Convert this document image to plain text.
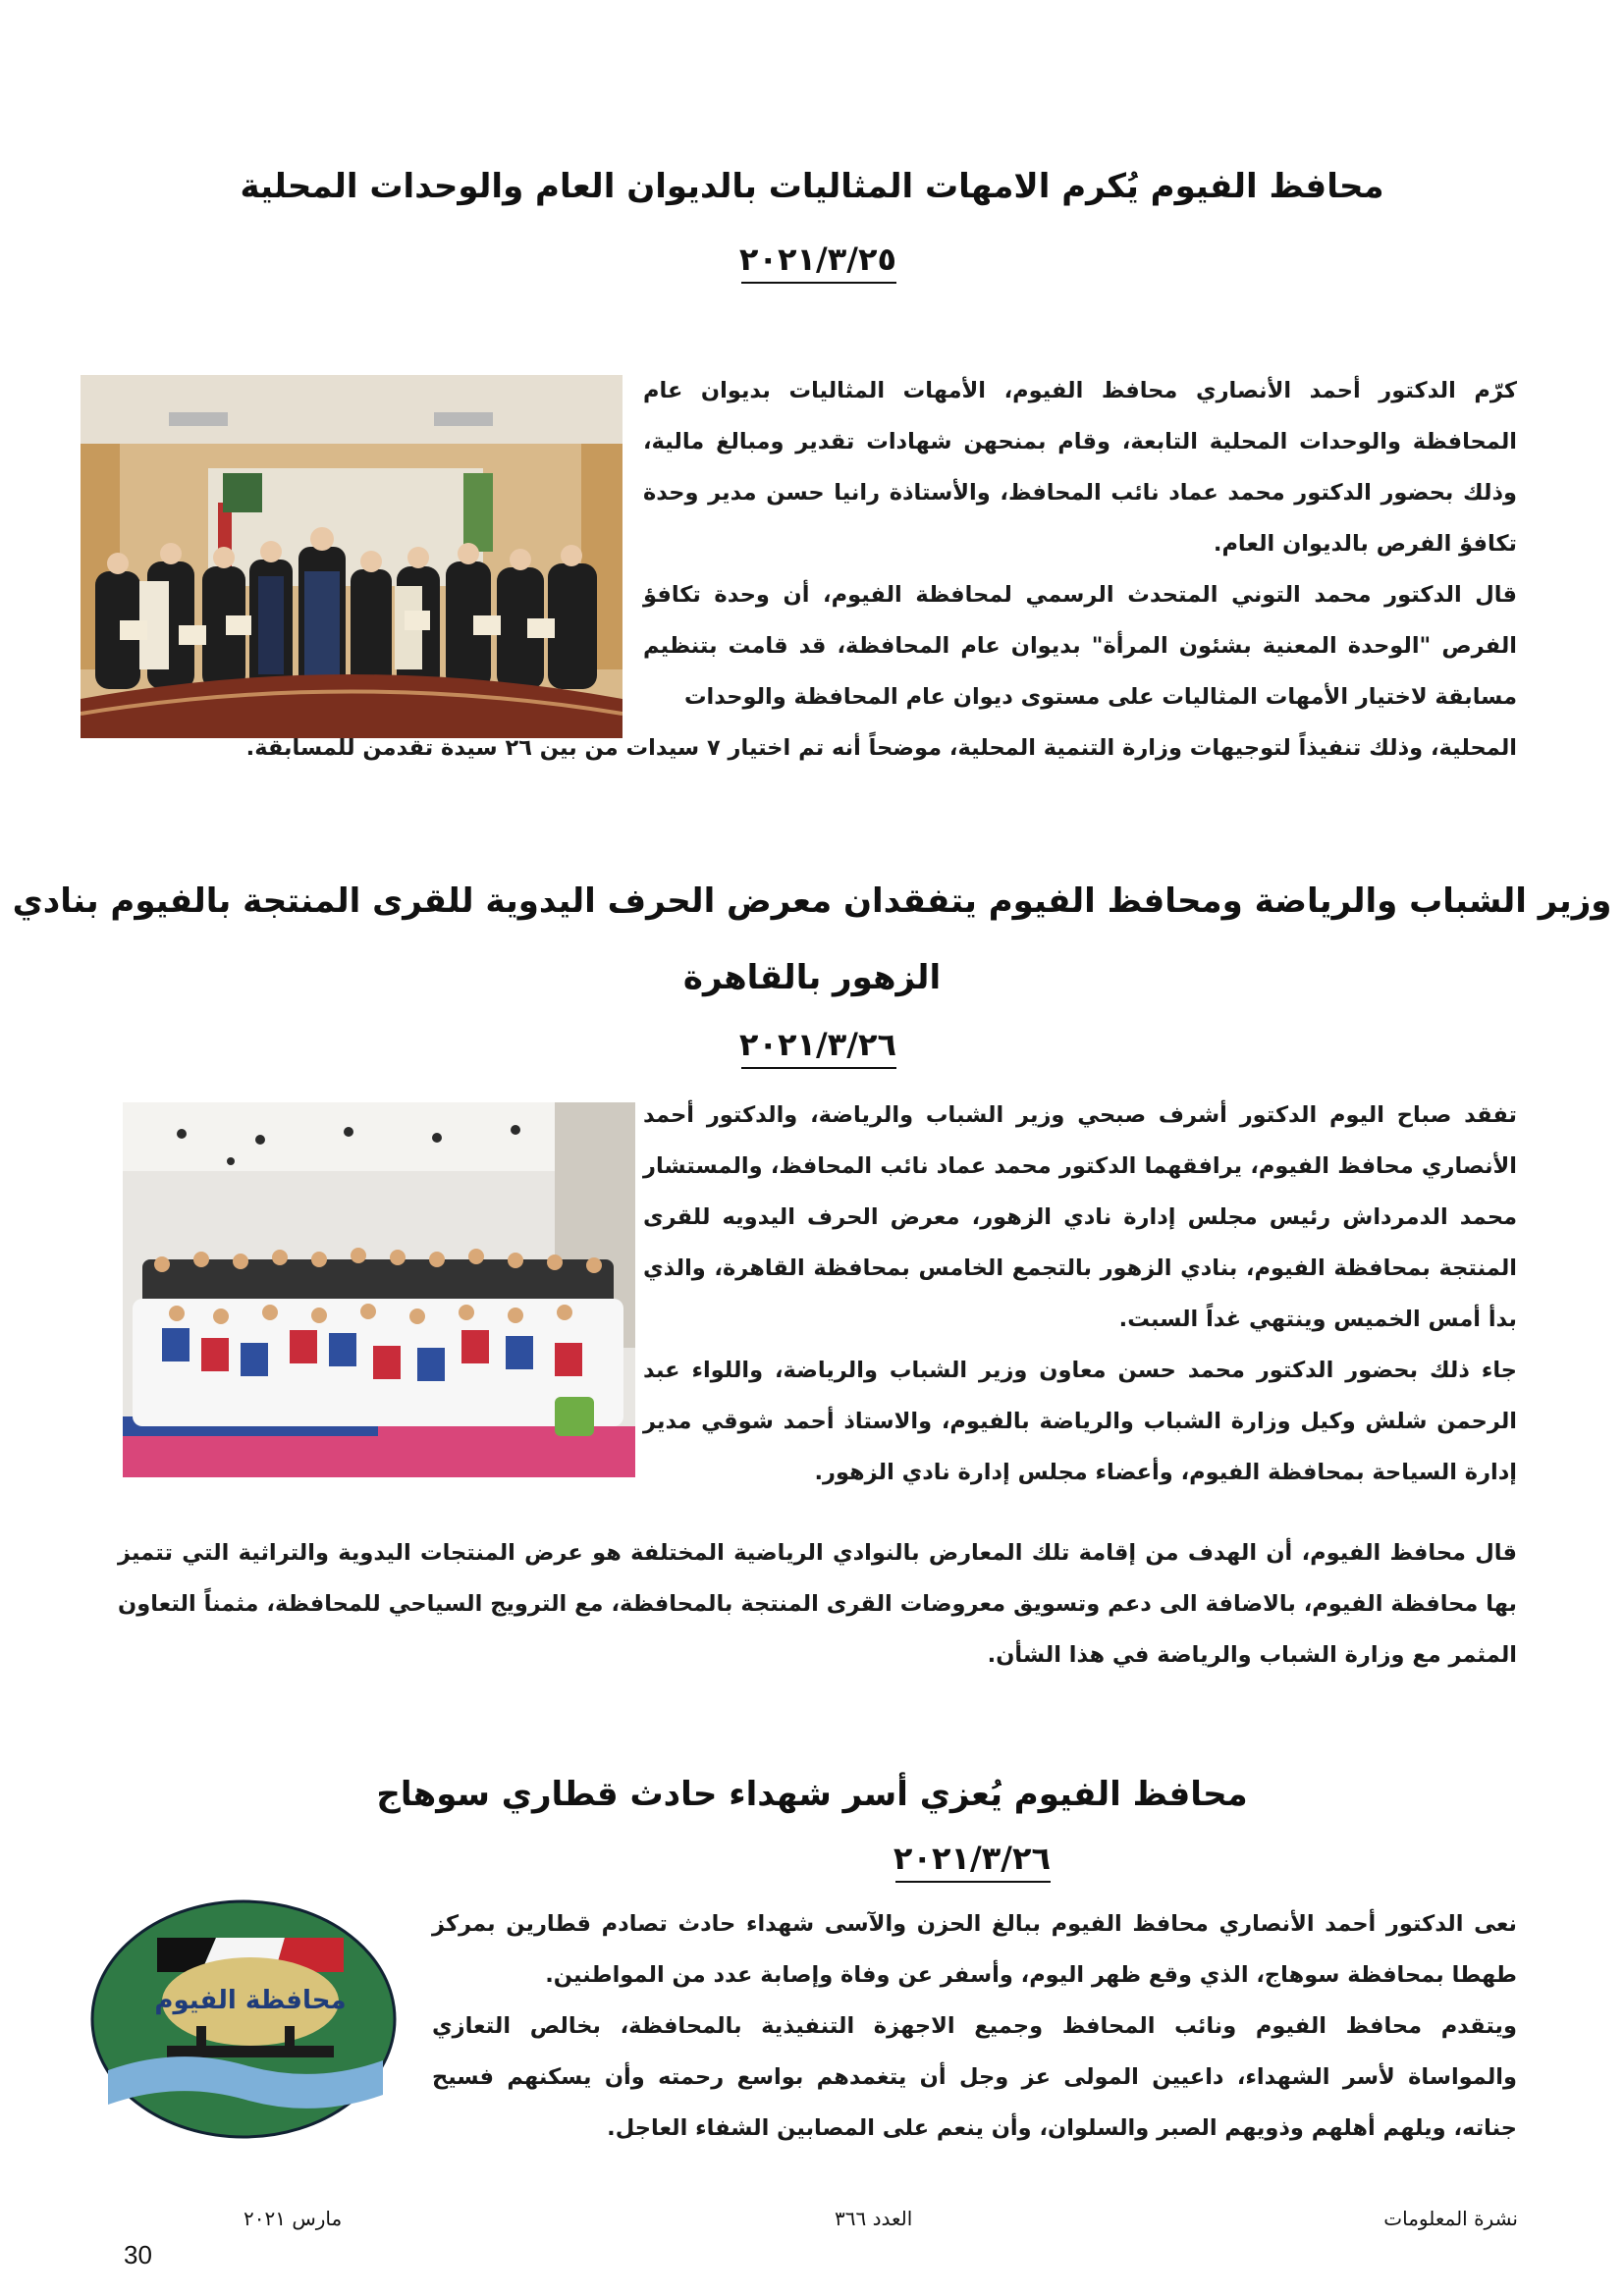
محافظ الفيوم يُكرم الامهات المثاليات بالديوان العام والوحدات المحلية
٢٠٢١/٣/٢٥

كرّم الدكتور أحمد الأنصاري محافظ الفيوم، الأمهات المثاليات بديوان عام المحافظة والوحدات المحلية التابعة، وقام بمنحهن شهادات تقدير ومبالغ مالية، وذلك بحضور الدكتور محمد عماد نائب المحافظ، والأستاذة رانيا حسن مدير وحدة تكافؤ الفرص بالديوان العام.

قال الدكتور محمد التوني المتحدث الرسمي لمحافظة الفيوم، أن وحدة تكافؤ الفرص "الوحدة المعنية بشئون المرأة" بديوان عام المحافظة، قد قامت بتنظيم مسابقة لاختيار الأمهات المثاليات على مستوى ديوان عام المحافظة والوحدات

المحلية، وذلك تنفيذاً لتوجيهات وزارة التنمية المحلية، موضحاً أنه تم اختيار ٧ سيدات من بين ٢٦ سيدة تقدمن للمسابقة.

وزير الشباب والرياضة ومحافظ الفيوم يتفقدان معرض الحرف اليدوية للقرى المنتجة بالفيوم بنادي
الزهور بالقاهرة
٢٠٢١/٣/٢٦

تفقد صباح اليوم الدكتور أشرف صبحي وزير الشباب والرياضة، والدكتور أحمد الأنصاري محافظ الفيوم، يرافقهما الدكتور محمد عماد نائب المحافظ، والمستشار محمد الدمرداش رئيس مجلس إدارة نادي الزهور، معرض الحرف اليدويه للقرى المنتجة بمحافظة الفيوم، بنادي الزهور بالتجمع الخامس بمحافظة القاهرة، والذي بدأ أمس الخميس وينتهي غداً السبت.

جاء ذلك بحضور الدكتور محمد حسن معاون وزير الشباب والرياضة، واللواء عبد الرحمن شلش وكيل وزارة الشباب والرياضة بالفيوم، والاستاذ أحمد شوقي مدير إدارة السياحة بمحافظة الفيوم، وأعضاء مجلس إدارة نادي الزهور.

قال محافظ الفيوم، أن الهدف من إقامة تلك المعارض بالنوادي الرياضية المختلفة هو عرض المنتجات اليدوية والتراثية التي تتميز بها محافظة الفيوم، بالاضافة الى دعم وتسويق معروضات القرى المنتجة بالمحافظة، مع الترويج السياحي للمحافظة، مثمناً التعاون المثمر مع وزارة الشباب والرياضة في هذا الشأن.

محافظ الفيوم يُعزي أسر شهداء حادث قطاري سوهاج
٢٠٢١/٣/٢٦
محافظة الفيوم

نعى الدكتور أحمد الأنصاري محافظ الفيوم ببالغ الحزن والآسى شهداء حادث تصادم قطارين بمركز طهطا بمحافظة سوهاج، الذي وقع ظهر اليوم، وأسفر عن وفاة وإصابة عدد من المواطنين.

ويتقدم محافظ الفيوم ونائب المحافظ وجميع الاجهزة التنفيذية بالمحافظة، بخالص التعازي والمواساة لأسر الشهداء، داعيين المولى عز وجل أن يتغمدهم بواسع رحمته وأن يسكنهم فسيح جناته، ويلهم أهلهم وذويهم الصبر والسلوان، وأن ينعم على المصابين الشفاء العاجل.

نشرة المعلومات
العدد ٣٦٦
مارس ٢٠٢١
30
